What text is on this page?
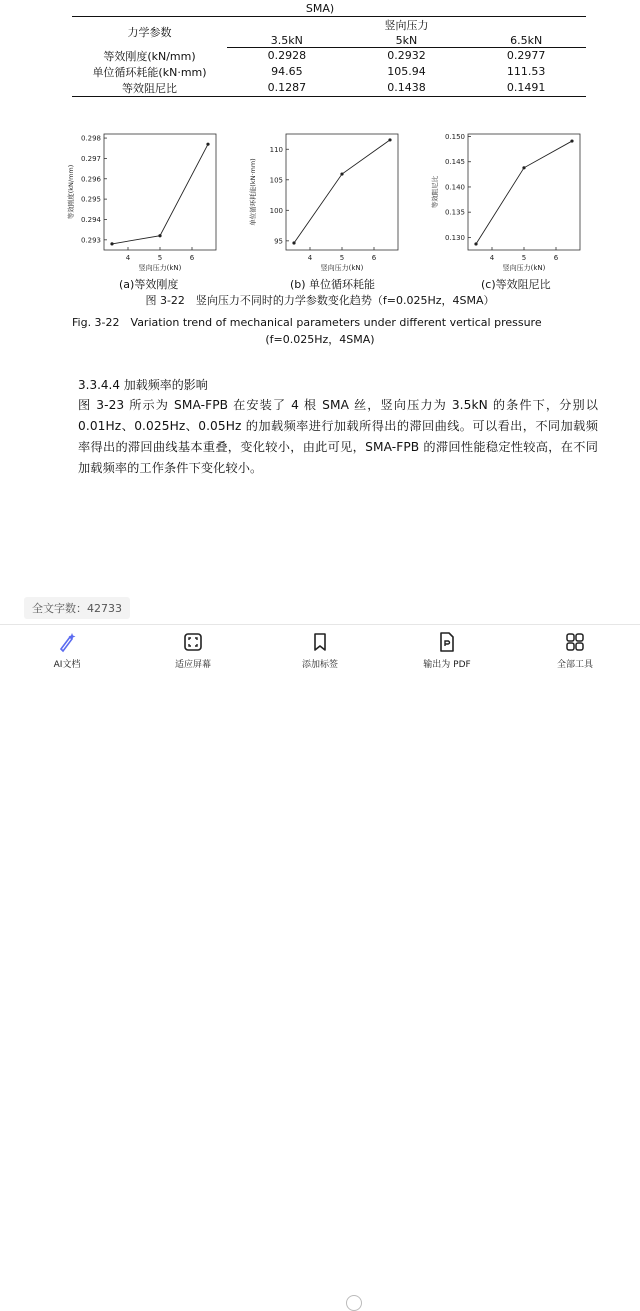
SMA)
力学参数	竖向压力		
	3.5kN	5kN	6.5kN
等效刚度(kN/mm)	0.2928	0.2932	0.2977
单位循环耗能(kN·mm)	94.65	105.94	111.53
等效阻尼比	0.1287	0.1438	0.1491
4	5	6
0.293
0.294
0.295
0.296
0.297
0.298
竖向压力(kN)
等效刚度(kN/mm)
4	5	6
95
100
105
110
竖向压力(kN)
单位循环耗能(kN·mm)
4	5	6
0.130
0.135
0.140
0.145
0.150
竖向压力(kN)
等效阻尼比
(a)等效刚度	(b) 单位循环耗能	(c)等效阻尼比
图 3-22　竖向压力不同时的力学参数变化趋势（f=0.025Hz，4SMA）
Fig. 3-22　Variation trend of mechanical parameters under different vertical pressure
(f=0.025Hz，4SMA)
3.3.4.4 加载频率的影响
图 3-23 所示为 SMA-FPB 在安装了 4 根 SMA 丝，竖向压力为 3.5kN 的条件下，分别以 0.01Hz、0.025Hz、0.05Hz 的加载频率进行加载所得出的滞回曲线。可以看出，不同加载频率得出的滞回曲线基本重叠，变化较小，由此可见，SMA-FPB 的滞回性能稳定性较高，在不同加载频率的工作条件下变化较小。
全文字数：42733
AI文档	适应屏幕	添加标签	输出为 PDF	全部工具
